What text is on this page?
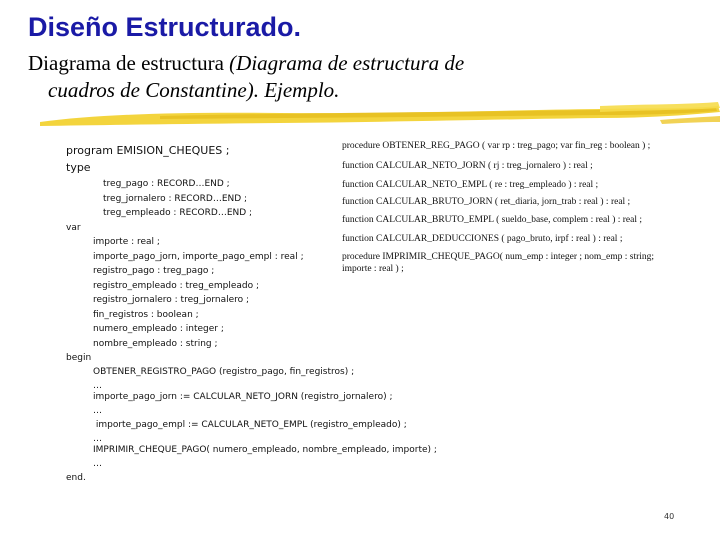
Diseño Estructurado.
Diagrama de estructura (Diagrama de estructura de
cuadros de Constantine). Ejemplo.
program EMISION_CHEQUES ;
type
treg_pago : RECORD…END ;
treg_jornalero : RECORD…END ;
treg_empleado : RECORD…END ;
var
importe : real ;
importe_pago_jorn, importe_pago_empl : real ;
registro_pago : treg_pago ;
registro_empleado : treg_empleado ;
registro_jornalero : treg_jornalero ;
fin_registros : boolean ;
numero_empleado : integer ;
nombre_empleado : string ;
begin
OBTENER_REGISTRO_PAGO (registro_pago, fin_registros) ;
…
importe_pago_jorn := CALCULAR_NETO_JORN (registro_jornalero) ;
…
importe_pago_empl := CALCULAR_NETO_EMPL (registro_empleado) ;
…
IMPRIMIR_CHEQUE_PAGO( numero_empleado, nombre_empleado, importe) ;
…
end.
procedure OBTENER_REG_PAGO ( var rp : treg_pago; var fin_reg : boolean ) ;
function CALCULAR_NETO_JORN ( rj : treg_jornalero ) : real ;
function CALCULAR_NETO_EMPL ( re : treg_empleado ) : real ;
function CALCULAR_BRUTO_JORN ( ret_diaria, jorn_trab : real ) : real ;
function CALCULAR_BRUTO_EMPL ( sueldo_base, complem : real ) : real ;
function CALCULAR_DEDUCCIONES ( pago_bruto, irpf : real ) : real ;
procedure IMPRIMIR_CHEQUE_PAGO( num_emp : integer ; nom_emp : string; importe : real ) ;
40
